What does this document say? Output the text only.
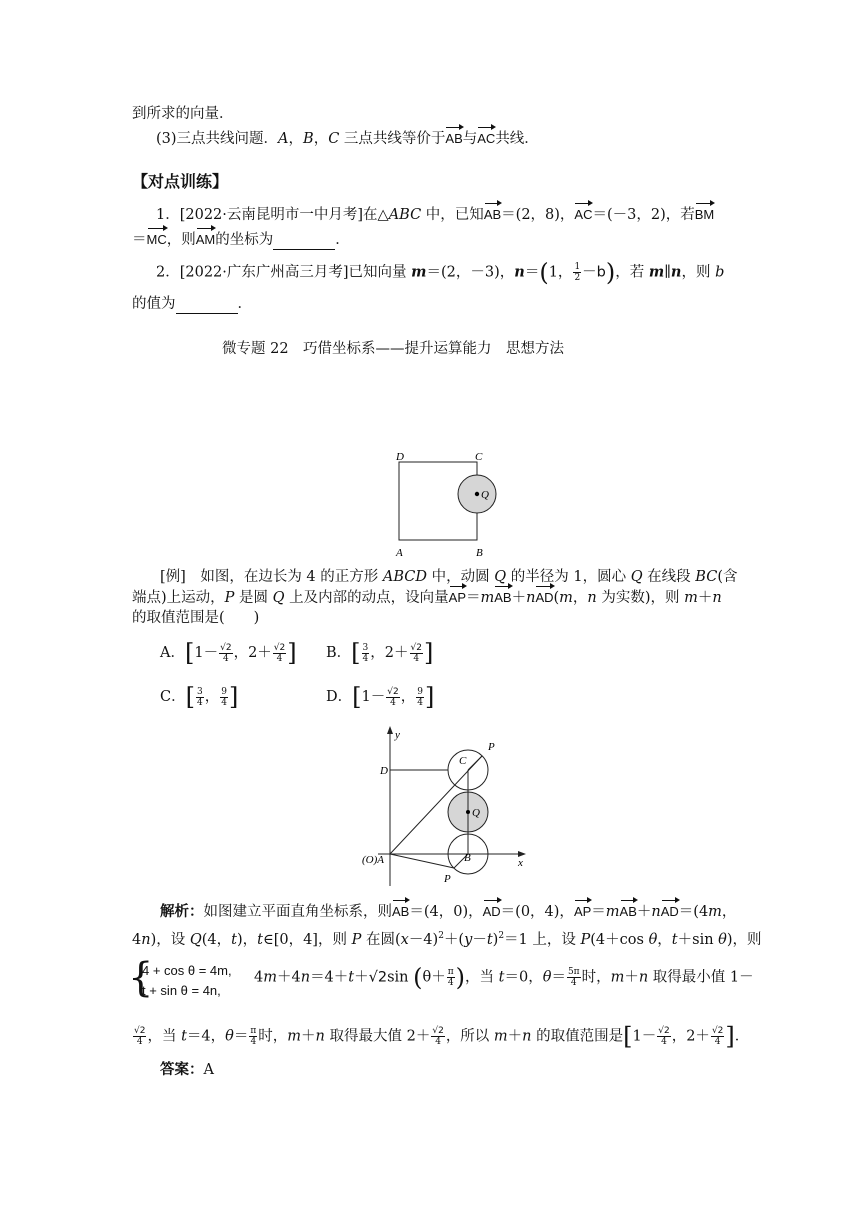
到所求的向量．
(3)三点共线问题．A，B，C 三点共线等价于AB与AC共线．
【对点训练】
1．[2022·云南昆明市一中月考]在△ABC 中，已知AB＝(2，8)，AC＝(－3，2)，若BM
＝MC，则AM的坐标为	．
2．[2022·广东广州高三月考]已知向量 m＝(2，－3)，n＝(1， $\frac{1}{2} -b$)，若 m∥n，则 b
的值为	．
微专题 22　巧借坐标系——提升运算能力　思想方法
D	C
Q
A	B
[例]　如图，在边长为 4 的正方形 ABCD 中，动圆 Q 的半径为 1，圆心 Q 在线段 BC(含
端点)上运动，P 是圆 Q 上及内部的动点，设向量AP＝mAB＋nAD(m，n 为实数)，则 m＋n
的取值范围是(　　)
A．[$1- \frac{√2}{4}$ ，$2+ \frac{√2}{4}$ ] B．[ $\frac{3}{4}$ ，$2+ \frac{√2}{4}$ ]
C．[ $\frac{3}{4}$ ， $\frac{9}{4}$ ]	D．[$1- \frac{√2}{4}$ ， $\frac{9}{4}$ ]
y
x
P
D
C
Q
B
(O)A
P
解析：如图建立平面直角坐标系，则AB＝(4，0)，AD＝(0，4)，AP＝mAB＋nAD＝(4m，
4n)，设 Q(4，t)，t∈[0，4]，则 P 在圆$(x-4)^2+(y-t)^2=1$ 上，设 P(4＋cos θ，t＋sin θ)，则
{
4 + cos θ = 4m,
t + sin θ = 4n,
4m＋4n＝4＋t＋√2sin ($\theta+ \frac{\pi}{4}$ )，当 t＝0，$\theta= \frac{5\pi}{4}$ 时，m＋n 取得最小值 1－
$\frac{√2}{4}$ ，当 t＝4，$\theta= \frac{\pi}{4}$ 时，m＋n 取得最大值 $2+ \frac{√2}{4}$ ，所以 m＋n 的取值范围是[$1- \frac{√2}{4}$ ，$2+ \frac{√2}{4}$ ]．
答案：A
